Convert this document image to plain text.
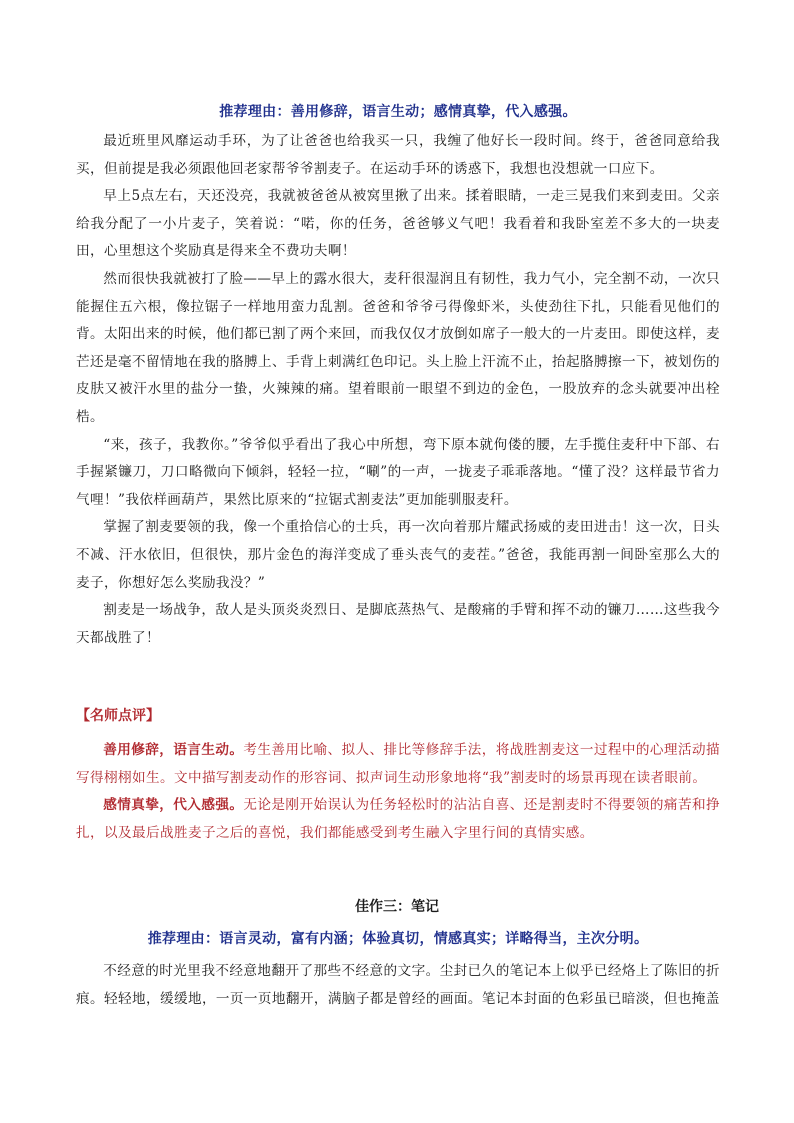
推荐理由：善用修辞，语言生动；感情真挚，代入感强。

最近班里风靡运动手环，为了让爸爸也给我买一只，我缠了他好长一段时间。终于，爸爸同意给我买，但前提是我必须跟他回老家帮爷爷割麦子。在运动手环的诱惑下，我想也没想就一口应下。

早上5点左右，天还没亮，我就被爸爸从被窝里揪了出来。揉着眼睛，一走三晃我们来到麦田。父亲给我分配了一小片麦子，笑着说：“喏，你的任务，爸爸够义气吧！我看着和我卧室差不多大的一块麦田，心里想这个奖励真是得来全不费功夫啊！

然而很快我就被打了脸——早上的露水很大，麦秆很湿润且有韧性，我力气小，完全割不动，一次只能握住五六根，像拉锯子一样地用蛮力乱割。爸爸和爷爷弓得像虾米，头使劲往下扎，只能看见他们的背。太阳出来的时候，他们都已割了两个来回，而我仅仅才放倒如席子一般大的一片麦田。即使这样，麦芒还是毫不留情地在我的胳膊上、手背上刺满红色印记。头上脸上汗流不止，抬起胳膊擦一下，被划伤的皮肤又被汗水里的盐分一蛰，火辣辣的痛。望着眼前一眼望不到边的金色，一股放弃的念头就要冲出栓梏。

“来，孩子，我教你。”爷爷似乎看出了我心中所想，弯下原本就佝偻的腰，左手揽住麦秆中下部、右手握紧镰刀，刀口略微向下倾斜，轻轻一拉，“唰”的一声，一拢麦子乖乖落地。“懂了没？这样最节省力气哩！”我依样画葫芦，果然比原来的“拉锯式割麦法”更加能驯服麦秆。

掌握了割麦要领的我，像一个重拾信心的士兵，再一次向着那片耀武扬威的麦田进击！这一次，日头不减、汗水依旧，但很快，那片金色的海洋变成了垂头丧气的麦茬。”爸爸，我能再割一间卧室那么大的麦子，你想好怎么奖励我没？”

割麦是一场战争，敌人是头顶炎炎烈日、是脚底蒸热气、是酸痛的手臂和挥不动的镰刀……这些我今天都战胜了！

【名师点评】

善用修辞，语言生动。考生善用比喻、拟人、排比等修辞手法，将战胜割麦这一过程中的心理活动描写得栩栩如生。文中描写割麦动作的形容词、拟声词生动形象地将“我”割麦时的场景再现在读者眼前。

感情真挚，代入感强。无论是刚开始误认为任务轻松时的沾沾自喜、还是割麦时不得要领的痛苦和挣扎，以及最后战胜麦子之后的喜悦，我们都能感受到考生融入字里行间的真情实感。

佳作三：笔记
推荐理由：语言灵动，富有内涵；体验真切，情感真实；详略得当，主次分明。

不经意的时光里我不经意地翻开了那些不经意的文字。尘封已久的笔记本上似乎已经烙上了陈旧的折痕。轻轻地，缓缓地，一页一页地翻开，满脑子都是曾经的画面。笔记本封面的色彩虽已暗淡，但也掩盖
